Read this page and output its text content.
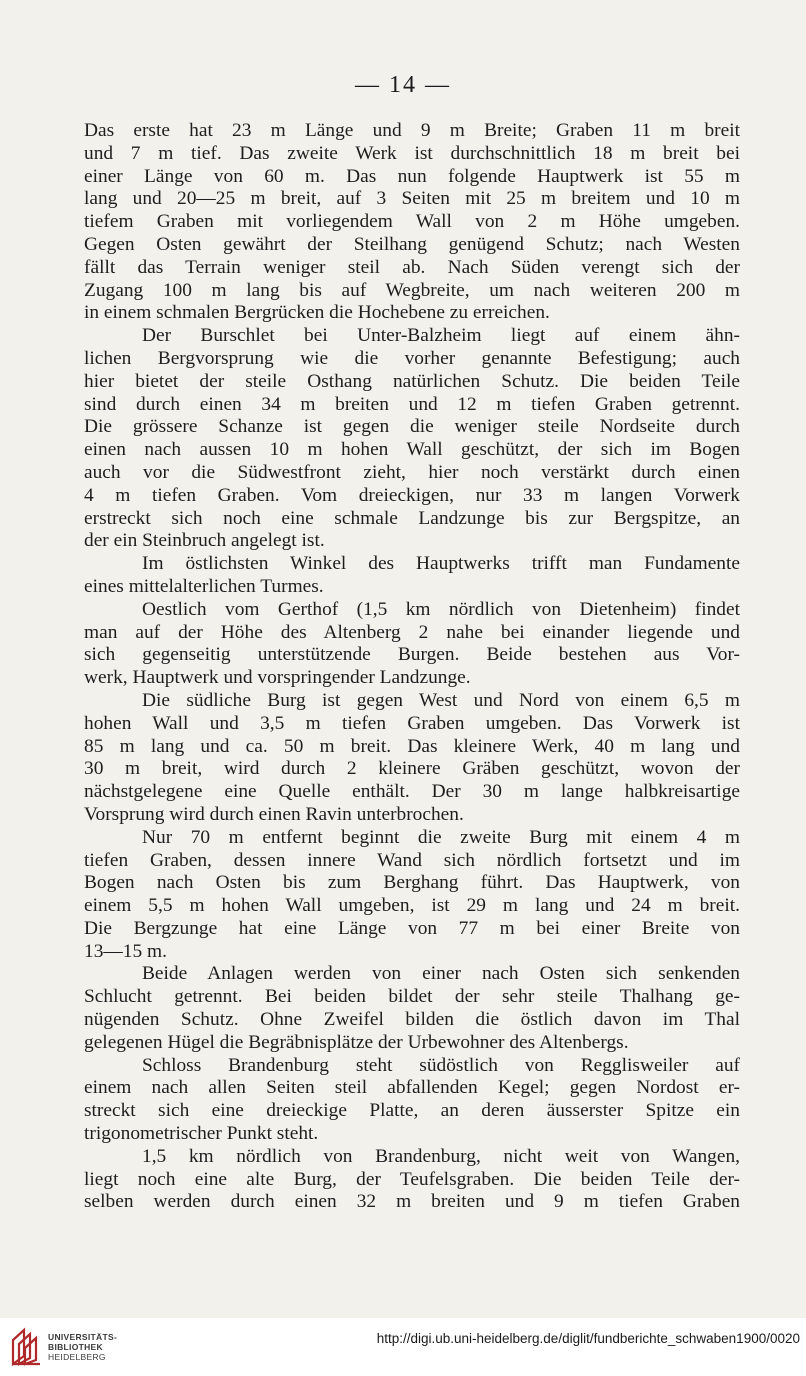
— 14 —
Das erste hat 23 m Länge und 9 m Breite; Graben 11 m breit
und 7 m tief. Das zweite Werk ist durchschnittlich 18 m breit bei
einer Länge von 60 m. Das nun folgende Hauptwerk ist 55 m
lang und 20—25 m breit, auf 3 Seiten mit 25 m breitem und 10 m
tiefem Graben mit vorliegendem Wall von 2 m Höhe umgeben.
Gegen Osten gewährt der Steilhang genügend Schutz; nach Westen
fällt das Terrain weniger steil ab. Nach Süden verengt sich der
Zugang 100 m lang bis auf Wegbreite, um nach weiteren 200 m
in einem schmalen Bergrücken die Hochebene zu erreichen.
Der Burschlet bei Unter-Balzheim liegt auf einem ähn-
lichen Bergvorsprung wie die vorher genannte Befestigung; auch
hier bietet der steile Osthang natürlichen Schutz. Die beiden Teile
sind durch einen 34 m breiten und 12 m tiefen Graben getrennt.
Die grössere Schanze ist gegen die weniger steile Nordseite durch
einen nach aussen 10 m hohen Wall geschützt, der sich im Bogen
auch vor die Südwestfront zieht, hier noch verstärkt durch einen
4 m tiefen Graben. Vom dreieckigen, nur 33 m langen Vorwerk
erstreckt sich noch eine schmale Landzunge bis zur Bergspitze, an
der ein Steinbruch angelegt ist.
Im östlichsten Winkel des Hauptwerks trifft man Fundamente
eines mittelalterlichen Turmes.
Oestlich vom Gerthof (1,5 km nördlich von Dietenheim) findet
man auf der Höhe des Altenberg 2 nahe bei einander liegende und
sich gegenseitig unterstützende Burgen. Beide bestehen aus Vor-
werk, Hauptwerk und vorspringender Landzunge.
Die südliche Burg ist gegen West und Nord von einem 6,5 m
hohen Wall und 3,5 m tiefen Graben umgeben. Das Vorwerk ist
85 m lang und ca. 50 m breit. Das kleinere Werk, 40 m lang und
30 m breit, wird durch 2 kleinere Gräben geschützt, wovon der
nächstgelegene eine Quelle enthält. Der 30 m lange halbkreisartige
Vorsprung wird durch einen Ravin unterbrochen.
Nur 70 m entfernt beginnt die zweite Burg mit einem 4 m
tiefen Graben, dessen innere Wand sich nördlich fortsetzt und im
Bogen nach Osten bis zum Berghang führt. Das Hauptwerk, von
einem 5,5 m hohen Wall umgeben, ist 29 m lang und 24 m breit.
Die Bergzunge hat eine Länge von 77 m bei einer Breite von
13—15 m.
Beide Anlagen werden von einer nach Osten sich senkenden
Schlucht getrennt. Bei beiden bildet der sehr steile Thalhang ge-
nügenden Schutz. Ohne Zweifel bilden die östlich davon im Thal
gelegenen Hügel die Begräbnisplätze der Urbewohner des Altenbergs.
Schloss Brandenburg steht südöstlich von Regglisweiler auf
einem nach allen Seiten steil abfallenden Kegel; gegen Nordost er-
streckt sich eine dreieckige Platte, an deren äusserster Spitze ein
trigonometrischer Punkt steht.
1,5 km nördlich von Brandenburg, nicht weit von Wangen,
liegt noch eine alte Burg, der Teufelsgraben. Die beiden Teile der-
selben werden durch einen 32 m breiten und 9 m tiefen Graben
UNIVERSITÄTS-
BIBLIOTHEK
HEIDELBERG
http://digi.ub.uni-heidelberg.de/diglit/fundberichte_schwaben1900/0020
